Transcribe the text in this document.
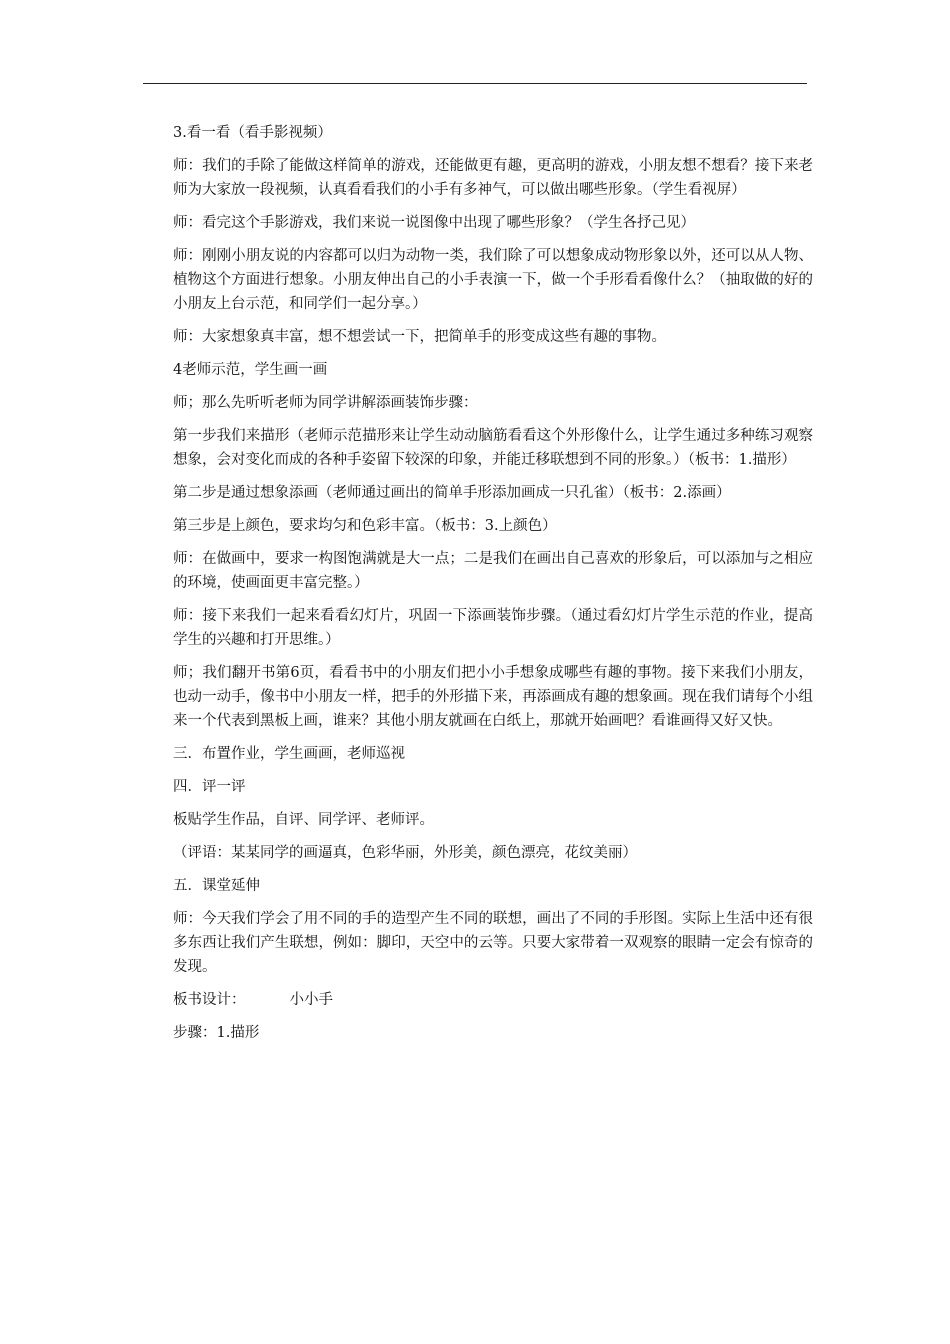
3.看一看（看手影视频）

师：我们的手除了能做这样简单的游戏，还能做更有趣，更高明的游戏，小朋友想不想看？接下来老师为大家放一段视频，认真看看我们的小手有多神气，可以做出哪些形象。（学生看视屏）

师：看完这个手影游戏，我们来说一说图像中出现了哪些形象？（学生各抒己见）

师：刚刚小朋友说的内容都可以归为动物一类，我们除了可以想象成动物形象以外，还可以从人物、植物这个方面进行想象。小朋友伸出自己的小手表演一下，做一个手形看看像什么？（抽取做的好的小朋友上台示范，和同学们一起分享。）

师：大家想象真丰富，想不想尝试一下，把简单手的形变成这些有趣的事物。

4老师示范，学生画一画

师；那么先听听老师为同学讲解添画装饰步骤：

第一步我们来描形（老师示范描形来让学生动动脑筋看看这个外形像什么，让学生通过多种练习观察想象，会对变化而成的各种手姿留下较深的印象，并能迁移联想到不同的形象。）（板书：1.描形）

第二步是通过想象添画（老师通过画出的简单手形添加画成一只孔雀）（板书：2.添画）

第三步是上颜色，要求均匀和色彩丰富。（板书：3.上颜色）

师：在做画中，要求一构图饱满就是大一点；二是我们在画出自己喜欢的形象后，可以添加与之相应的环境，使画面更丰富完整。）

师：接下来我们一起来看看幻灯片，巩固一下添画装饰步骤。（通过看幻灯片学生示范的作业，提高学生的兴趣和打开思维。）

师；我们翻开书第6页，看看书中的小朋友们把小小手想象成哪些有趣的事物。接下来我们小朋友，也动一动手，像书中小朋友一样，把手的外形描下来，再添画成有趣的想象画。现在我们请每个小组来一个代表到黑板上画，谁来？其他小朋友就画在白纸上，那就开始画吧？看谁画得又好又快。

三．布置作业，学生画画，老师巡视

四．评一评

板贴学生作品，自评、同学评、老师评。

（评语：某某同学的画逼真，色彩华丽，外形美，颜色漂亮，花纹美丽）

五．课堂延伸

师：今天我们学会了用不同的手的造型产生不同的联想，画出了不同的手形图。实际上生活中还有很多东西让我们产生联想，例如：脚印，天空中的云等。只要大家带着一双观察的眼睛一定会有惊奇的发现。

板书设计：	小小手

步骤：1.描形
